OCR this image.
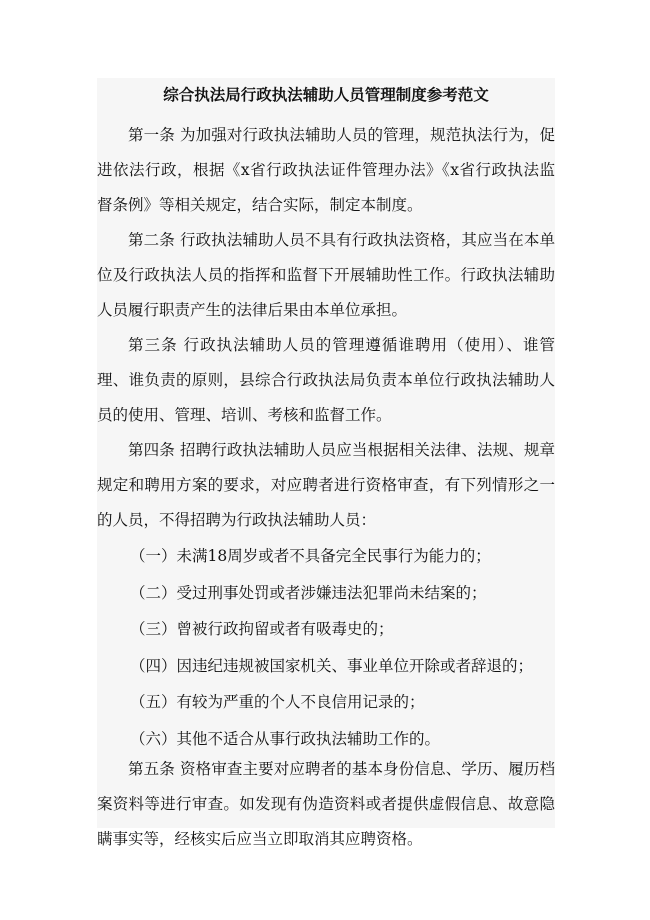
综合执法局行政执法辅助人员管理制度参考范文

第一条 为加强对行政执法辅助人员的管理，规范执法行为，促进依法行政，根据《x省行政执法证件管理办法》《x省行政执法监督条例》等相关规定，结合实际，制定本制度。

第二条 行政执法辅助人员不具有行政执法资格，其应当在本单位及行政执法人员的指挥和监督下开展辅助性工作。行政执法辅助人员履行职责产生的法律后果由本单位承担。

第三条 行政执法辅助人员的管理遵循谁聘用（使用）、谁管理、谁负责的原则，县综合行政执法局负责本单位行政执法辅助人员的使用、管理、培训、考核和监督工作。

第四条 招聘行政执法辅助人员应当根据相关法律、法规、规章规定和聘用方案的要求，对应聘者进行资格审查，有下列情形之一的人员，不得招聘为行政执法辅助人员：

（一）未满18周岁或者不具备完全民事行为能力的；
（二）受过刑事处罚或者涉嫌违法犯罪尚未结案的；
（三）曾被行政拘留或者有吸毒史的；
（四）因违纪违规被国家机关、事业单位开除或者辞退的；
（五）有较为严重的个人不良信用记录的；
（六）其他不适合从事行政执法辅助工作的。

第五条 资格审查主要对应聘者的基本身份信息、学历、履历档案资料等进行审查。如发现有伪造资料或者提供虚假信息、故意隐瞒事实等，经核实后应当立即取消其应聘资格。
